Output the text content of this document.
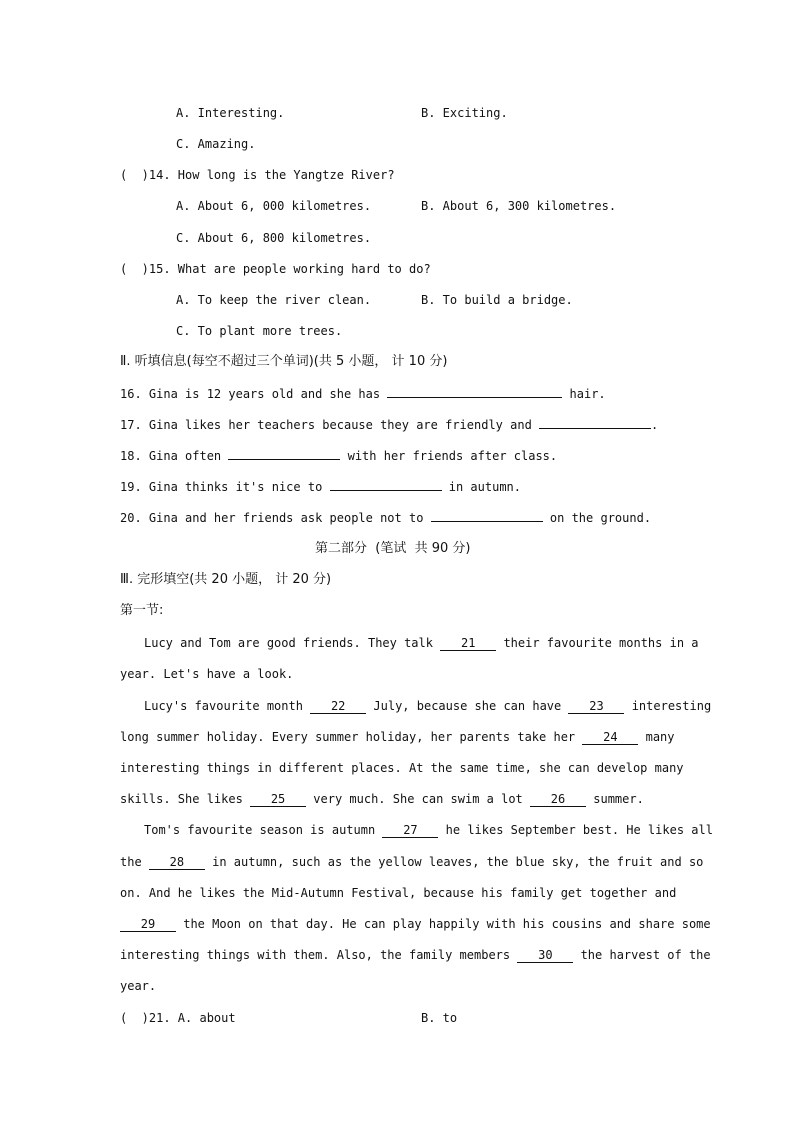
A. Interesting.	B. Exciting.
C. Amazing.
(  )14. How long is the Yangtze River?
A. About 6, 000 kilometres.	B. About 6, 300 kilometres.
C. About 6, 800 kilometres.
(  )15. What are people working hard to do?
A. To keep the river clean.	B. To build a bridge.
C. To plant more trees.
Ⅱ. 听填信息(每空不超过三个单词)(共 5 小题， 计 10 分)
16. Gina is 12 years old and she has	hair.
17. Gina likes her teachers because they are friendly and	.
18. Gina often	with her friends after class.
19. Gina thinks it's nice to	in autumn.
20. Gina and her friends ask people not to	on the ground.
第二部分  (笔试  共 90 分)
Ⅲ. 完形填空(共 20 小题， 计 20 分)
第一节:
Lucy and Tom are good friends. They talk 21 their favourite months in a
year. Let's have a look.
Lucy's favourite month 22 July, because she can have 23 interesting
long summer holiday. Every summer holiday, her parents take her 24 many
interesting things in different places. At the same time, she can develop many
skills. She likes 25 very much. She can swim a lot 26 summer.
Tom's favourite season is autumn 27 he likes September best. He likes all
the 28 in autumn, such as the yellow leaves, the blue sky, the fruit and so
on. And he likes the Mid-Autumn Festival, because his family get together and
29 the Moon on that day. He can play happily with his cousins and share some
interesting things with them. Also, the family members 30 the harvest of the
year.
(  )21. A. about	B. to
